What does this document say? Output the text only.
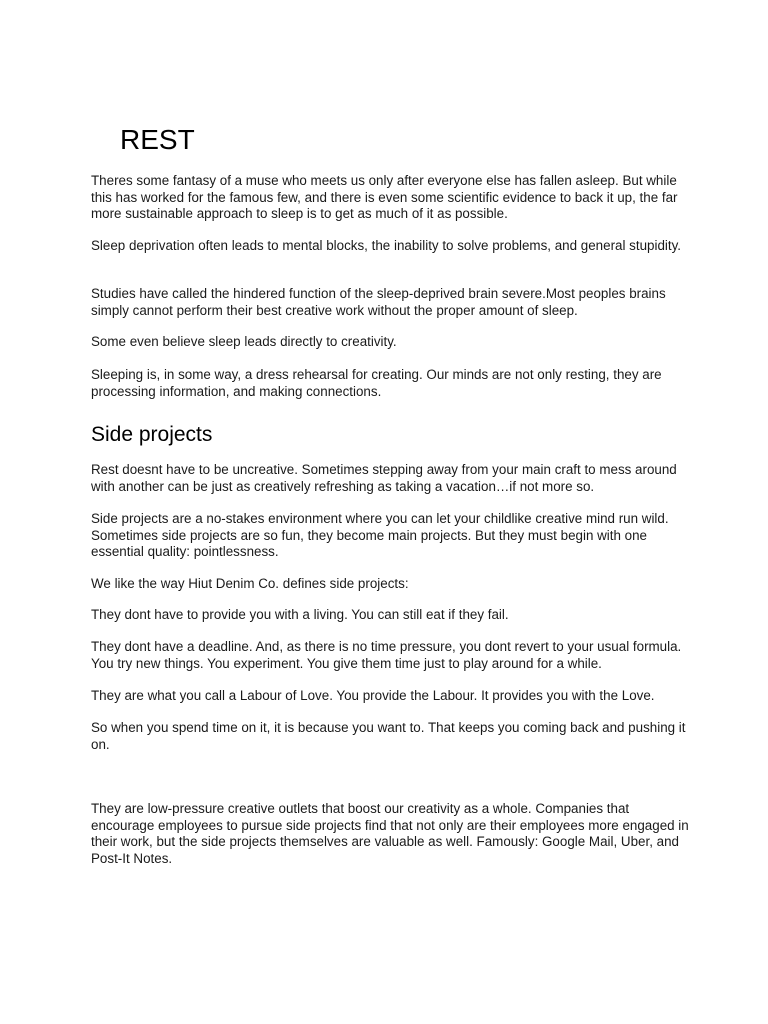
REST

Theres some fantasy of a muse who meets us only after everyone else has fallen asleep. But while this has worked for the famous few, and there is even some scientific evidence to back it up, the far more sustainable approach to sleep is to get as much of it as possible.

Sleep deprivation often leads to mental blocks, the inability to solve problems, and general stupidity.

Studies have called the hindered function of the sleep-deprived brain severe.Most peoples brains simply cannot perform their best creative work without the proper amount of sleep.

Some even believe sleep leads directly to creativity.

Sleeping is, in some way, a dress rehearsal for creating. Our minds are not only resting, they are processing information, and making connections.

Side projects

Rest doesnt have to be uncreative. Sometimes stepping away from your main craft to mess around with another can be just as creatively refreshing as taking a vacation…if not more so.

Side projects are a no-stakes environment where you can let your childlike creative mind run wild. Sometimes side projects are so fun, they become main projects. But they must begin with one essential quality: pointlessness.

We like the way Hiut Denim Co. defines side projects:

They dont have to provide you with a living. You can still eat if they fail.

They dont have a deadline. And, as there is no time pressure, you dont revert to your usual formula. You try new things. You experiment. You give them time just to play around for a while.

They are what you call a Labour of Love. You provide the Labour. It provides you with the Love.

So when you spend time on it, it is because you want to. That keeps you coming back and pushing it on.

They are low-pressure creative outlets that boost our creativity as a whole. Companies that encourage employees to pursue side projects find that not only are their employees more engaged in their work, but the side projects themselves are valuable as well. Famously: Google Mail, Uber, and Post-It Notes.
